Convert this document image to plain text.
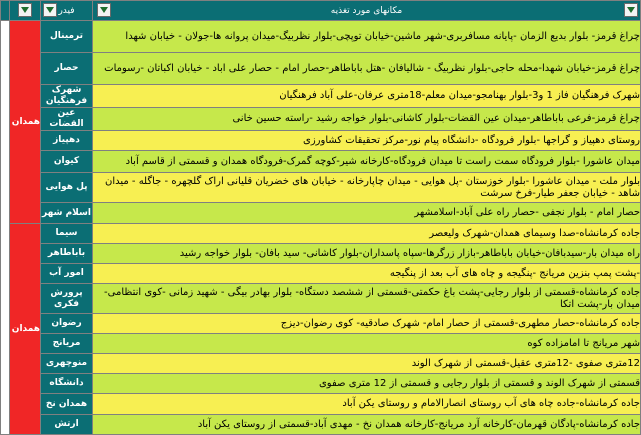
مکانهای مورد تغذیه	فیدر

چراغ قرمز- بلوار بدیع الزمان -پایانه مسافربری-شهر ماشین-خیابان توپچی-بلوار نظربیگ-میدان پروانه ها-جولان - خیابان شهدا	ترمینال	همدان 1	
چراغ قرمز-خیابان شهدا-محله حاجی-بلوار نظربیگ - شالیافان -هتل باباطاهر-حصار امام - حصار علی اباد - خیابان اکباتان -رسومات	حصار		
شهرک فرهنگیان فاز 1 و3-بلوار بهنامجو-میدان معلم-18متری عرفان-علی آباد فرهنگیان	شهرک فرهنگیان		
چراغ قرمز-فرعی باباطاهر-میدان عین القضات-بلوار کاشانی-بلوار خواجه رشید -راسته حسین خانی	عین القضات		
روستای دهپیاز و گراجها -بلوار فرودگاه -دانشگاه پیام نور-مرکز تحقیقات کشاورزی	دهپیاز		
میدان عاشورا -بلوار فرودگاه سمت راست تا میدان فرودگاه-کارخانه شیر-کوچه گمرک-فرودگاه همدان و قسمتی از قاسم آباد	کیوان		
بلوار ملت - میدان عاشورا -بلوار خوزستان -پل هوایی - میدان چاپارخانه - خیابان های خضریان قلیانی اراک گلچهره - جاگله - میدان شاهد - خیابان جعفر طیار-فرخ سرشت	پل هوایی		
حصار امام - بلوار نجفی -حصار راه علی آباد-اسلامشهر	اسلام شهر		
جاده کرمانشاه-صدا وسیمای همدان-شهرک ولیعصر	سیما	همدان 2	
راه میدان بار-سیدبافان-خیابان باباطاهر-بازار زرگرها-سپاه پاسداران-بلوار کاشانی- سید بافان- بلوار خواجه رشید	باباطاهر		
-پشت پمپ بنزین مریانج -پنگیجه و چاه های آب بعد از پنگیجه	امور آب		
جاده کرمانشاه-قسمتی از بلوار رجایی-پشت باغ حکمتی-قسمتی از ششصد دستگاه- بلوار بهادر بیگی - شهید زمانی -کوی انتظامی-میدان بار-پشت اتکا	پرورش فکری		
جاده کرمانشاه-حصار مطهری-قسمتی از حصار امام- شهرک صادقیه- کوی رضوان-دیزج	رضوان		
شهر مریانج تا امامزاده کوه	مریانج		
12متری صفوی -12متری عقیل-قسمتی از شهرک الوند	منوچهری		
قسمتی از شهرک الوند و قسمتی از بلوار رجایی و قسمتی از 12 متری صفوی	دانشگاه		
جاده کرمانشاه-جاده چاه های آب روستای انصارالامام و روستای یکن آباد	همدان نخ		
جاده کرمانشاه-پادگان قهرمان-کارخانه آرد مریانج-کارخانه همدان نخ - مهدی آباد-قسمتی از روستای یکن آباد	ارتش		
